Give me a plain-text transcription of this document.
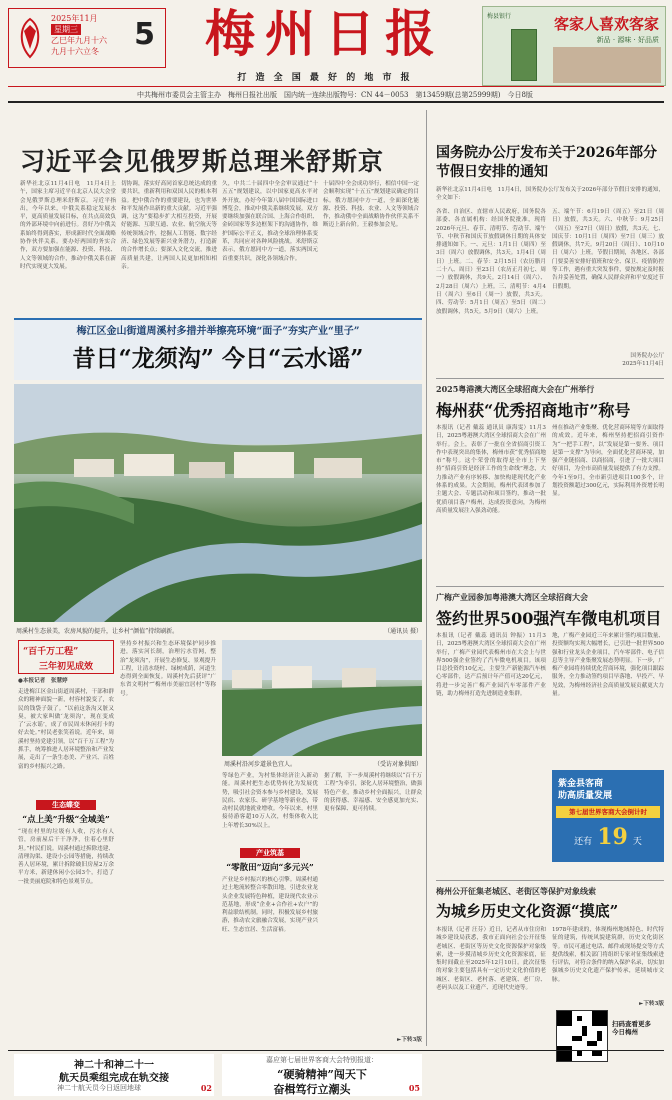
2025年11月
星期三
乙巳年九月十六
九月十六立冬 5	梅州日报
打 造 全 国 最 好 的 地 市 报
梅县银行	客家人喜欢客家
新品 · 源味 · 好品质
中共梅州市委员会主管主办　梅州日报社出版　国内统一连续出版物号：CN 44－0053　第13459期(总第25999期)　今日8版
习近平会见俄罗斯总理米舒斯京
新华社北京11月4日电　11月4日上午，国家主席习近平在北京人民大会堂会见俄罗斯总理米舒斯京。习近平指出，今年以来，中俄关系稳定发展水平，更高质量发展目标，在共点高效负的外部环境中向前进行。喜好乃中俄关系始终得到落实，形成新时代全面战略协作伙伴关系。要办好两国的务实合作，双方要加强在能源、投资、科技、人文等领域的合作，推动中俄关系在新时代实现更大发展。
切协调，落实好高同首家总统达成的重要共识，重新利用和双国人民的根本利益。把中俄合作的重要建设，也为世界和平发展作出新的重大贡献。习近平强调，这为“要稳步扩大相互投资，开展好能源、互联互通、农业、航空航天等传统领域合作，挖掘人工智能、数字经济、绿色发展等新兴业务潜力，打造新的合作增长点；要深入文化交流，推进高质量共建，让两国人民更加相知相亲。
久，中共二十届四中全会审议通过“十五五”规划建议，以中国家更高水平对外开放，办好今年第八届中国国际进口博览会，推动中俄关系继续发展。双方要继续加强在联合国、上海合作组织、金砖国家等多边框架下的沟通协作，维护国际公平正义，推动全球治理体系变革，共同应对各种风险挑战。米舒斯京表示，俄方愿同中方一道，落实两国元首重要共识，深化各领域合作。
十届四中全会成功举行，相信中国一定会顺利实现“十五五”规划建议确定的目标。俄方愿同中方一道，全面深化能源、投资、科技、农业、人文等领域合作，推动俄中全面战略协作伙伴关系不断迈上新台阶。王毅参加会见。
国务院办公厅发布关于2026年部分节假日安排的通知
新华社北京11月4日电　11月4日，国务院办公厅发布关于2026年部分节假日安排的通知，全文如下：
各省、自治区、直辖市人民政府，国务院各部委、各直属机构：经国务院批准，现将2026年元旦、春节、清明节、劳动节、端午节、中秋节和国庆节放假调休日期的具体安排通知如下。一、元旦：1月1日（周四）至3日（周六）放假调休，共3天。1月4日（周日）上班。二、春节：2月15日（农历腊月二十八、周日）至23日（农历正月初七、周一）放假调休，共9天。2月14日（周六）、2月28日（周六）上班。三、清明节：4月4日（周六）至6日（周一）放假，共3天。四、劳动节：5月1日（周五）至5日（周二）放假调休，共5天。5月9日（周六）上班。
五、端午节：6月19日（周五）至21日（周日）放假，共3天。六、中秋节：9月25日（周五）至27日（周日）放假，共3天。七、国庆节：10月1日（周四）至7日（周三）放假调休，共7天。9月20日（周日）、10月10日（周六）上班。节假日期间，各地区、各部门要妥善安排好值班和安全、保卫、疫情防控等工作，遇有重大突发事件，要按规定及时报告并妥善处置，确保人民群众祥和平安度过节日假期。
国务院办公厅
2025年11月4日
梅江区金山街道周溪村多措并举擦亮环境“面子”夯实产业“里子”
昔日“龙须沟” 今日“云水谣”
周溪村生态景美，农房风貌的提升，让乡村“颜值”持续刷新。	（通讯员 摄）
“百千万工程”
三年初见成效
●本报记者　张慧婷
走进梅江区金山街道周溪村，干部和群众的精神面貌一新，村容村貌变了，农民的钱袋子鼓了。“以前这条沟又脏又臭，被大家叫做‘龙须沟’，现在变成了‘云水谣’，成了市民周末休闲打卡的好去处。”村民老张笑着说。近年来，周溪村坚持党建引领，以“百千万工程”为抓手，统筹推进人居环境整治和产业发展，走出了一条生态美、产业兴、百姓富的乡村振兴之路。
生态蝶变
“点上美”升级“全域美”
“现在村里的垃圾有人收，污水有人管，房前屋后干干净净，住着心里舒坦。”村民们说。周溪村通过拆除违建、清理沟渠、建设小公园等措施，持续改善人居环境，累计拆除破旧房屋2万余平方米，新建休闲小公园3个，打造了一批美丽庭院和特色景观节点。
坚持乡村振兴和生态环境保护同步推进，落实河长制，治理污水管网，整治“龙须沟”，开展生态修复、景观提升工程，让清水绕村、绿树成荫，河道生态得到全面恢复。周溪村先后获评“广东省文明村”“梅州市美丽宜居村”等称号。
周溪村沿河步道景色宜人。	（受访对象供图）
等绿色产业，为村集体经济注入新动能。周溪村把生态优势转化为发展优势，吸引社会资本参与乡村建设，发展民宿、农家乐、研学基地等新业态，带动村民就地就业增收。今年以来，村里接待游客超10万人次，村集体收入比上年增长30%以上。
据了解，下一步周溪村将继续以“百千万工程”为牵引，深化人居环境整治，做强特色产业，推动乡村全面振兴，让群众的获得感、幸福感、安全感更加充实、更有保障、更可持续。
产业筑基
“零散田”迈向“多元兴”
产业是乡村振兴的核心引擎。周溪村通过土地流转整合零散田地，引进农业龙头企业发展特色种植，建设现代农业示范基地，形成“企业+合作社+农户”的利益联结机制。同时，积极发展乡村旅游，推动农文旅融合发展，实现产业兴旺、生态宜居、生活富裕。
►下转3版
2025粤港澳大湾区全球招商大会在广州举行
梅州获“优秀招商地市”称号
本报讯（记者 戴蕊 通讯员 康海雯）11月3日，2025粤港澳大湾区全球招商大会在广州举行。会上，表彰了一批在全省招商引资工作中表现突出的集体，梅州市获“优秀招商地市”称号。这个荣誉的取得是全市上下坚持“招商引资是经济工作的生命线”理念，大力推动产业有序转移、加快构建现代化产业体系的成果。大会期间，梅州代表团参加了主题大会、专题活动和项目签约，推动一批优质项目落户梅州，达成投资意向，为梅州高质量发展注入强劲动能。
州在推动产业集聚、优化营商环境等方面取得的成效。近年来，梅州坚持把招商引资作为“一把手工程”，以“发展是第一要务、项目是第一支撑”为导向，全面优化营商环境，加强产业链招商、以商招商，引进了一批大项目好项目，为全市高质量发展提供了有力支撑。今年1至9月，全市新引进项目100多个，计划投资额超过300亿元，实际利用外资增长明显。
广梅产业园参加粤港澳大湾区全球招商大会
签约世界500强汽车微电机项目
本报讯（记者 戴蕊 通讯员 钟振）11月3日，2025粤港澳大湾区全球招商大会在广州举行，广梅产业园代表梅州市在大会上与世界500强企业签约了汽车微电机项目。该项目总投资约10亿元，主要生产新能源汽车核心零部件，达产后预计年产值可达20亿元，将进一步完善广梅产业园汽车零部件产业链，助力梅州打造先进制造业集群。
地，广梅产业园近三年来累计签约项目数量、投资额均实现大幅增长，已引进一批世界500强和行业龙头企业项目，汽车零部件、电子信息等主导产业集聚发展态势明显。下一步，广梅产业园将持续优化营商环境，强化项目跟踪服务，全力推动签约项目早落地、早投产、早见效，为梅州经济社会高质量发展贡献更大力量。
紫金县客商
助高质量发展
第七届世界客商大会倒计时
还有 19 天
梅州公开征集老城区、老街区等保护对象线索
为城乡历史文化资源“摸底”
本报讯（记者 汪芬）近日，记者从市住房和城乡建设局获悉，我市正面向社会公开征集老城区、老街区等历史文化资源保护对象线索，进一步摸清城乡历史文化资源家底，征集时间截止至2025年12月10日。此次征集的对象主要包括具有一定历史文化价值的老城区、老街区、老村落、老建筑、老厂房、老码头以及工业遗产、近现代史迹等。
1978年建成的，体现梅州地域特色、时代特征的建筑，传统风貌建筑群，历史文化街区等。市民可通过电话、邮件或现场提交等方式提供线索，相关部门将组织专家对征集线索进行评估，对符合条件的纳入保护名录，切实加强城乡历史文化遗产保护传承，延续城市文脉。
►下转3版
扫码查看更多
今日梅州
神二十和神二十一
航天员乘组完成在轨交接
神二十航天员今日返回地球	02
嘉应第七届世界客商大会特别报道：
“硬骑精神”闯天下
奋楫笃行立潮头	05
